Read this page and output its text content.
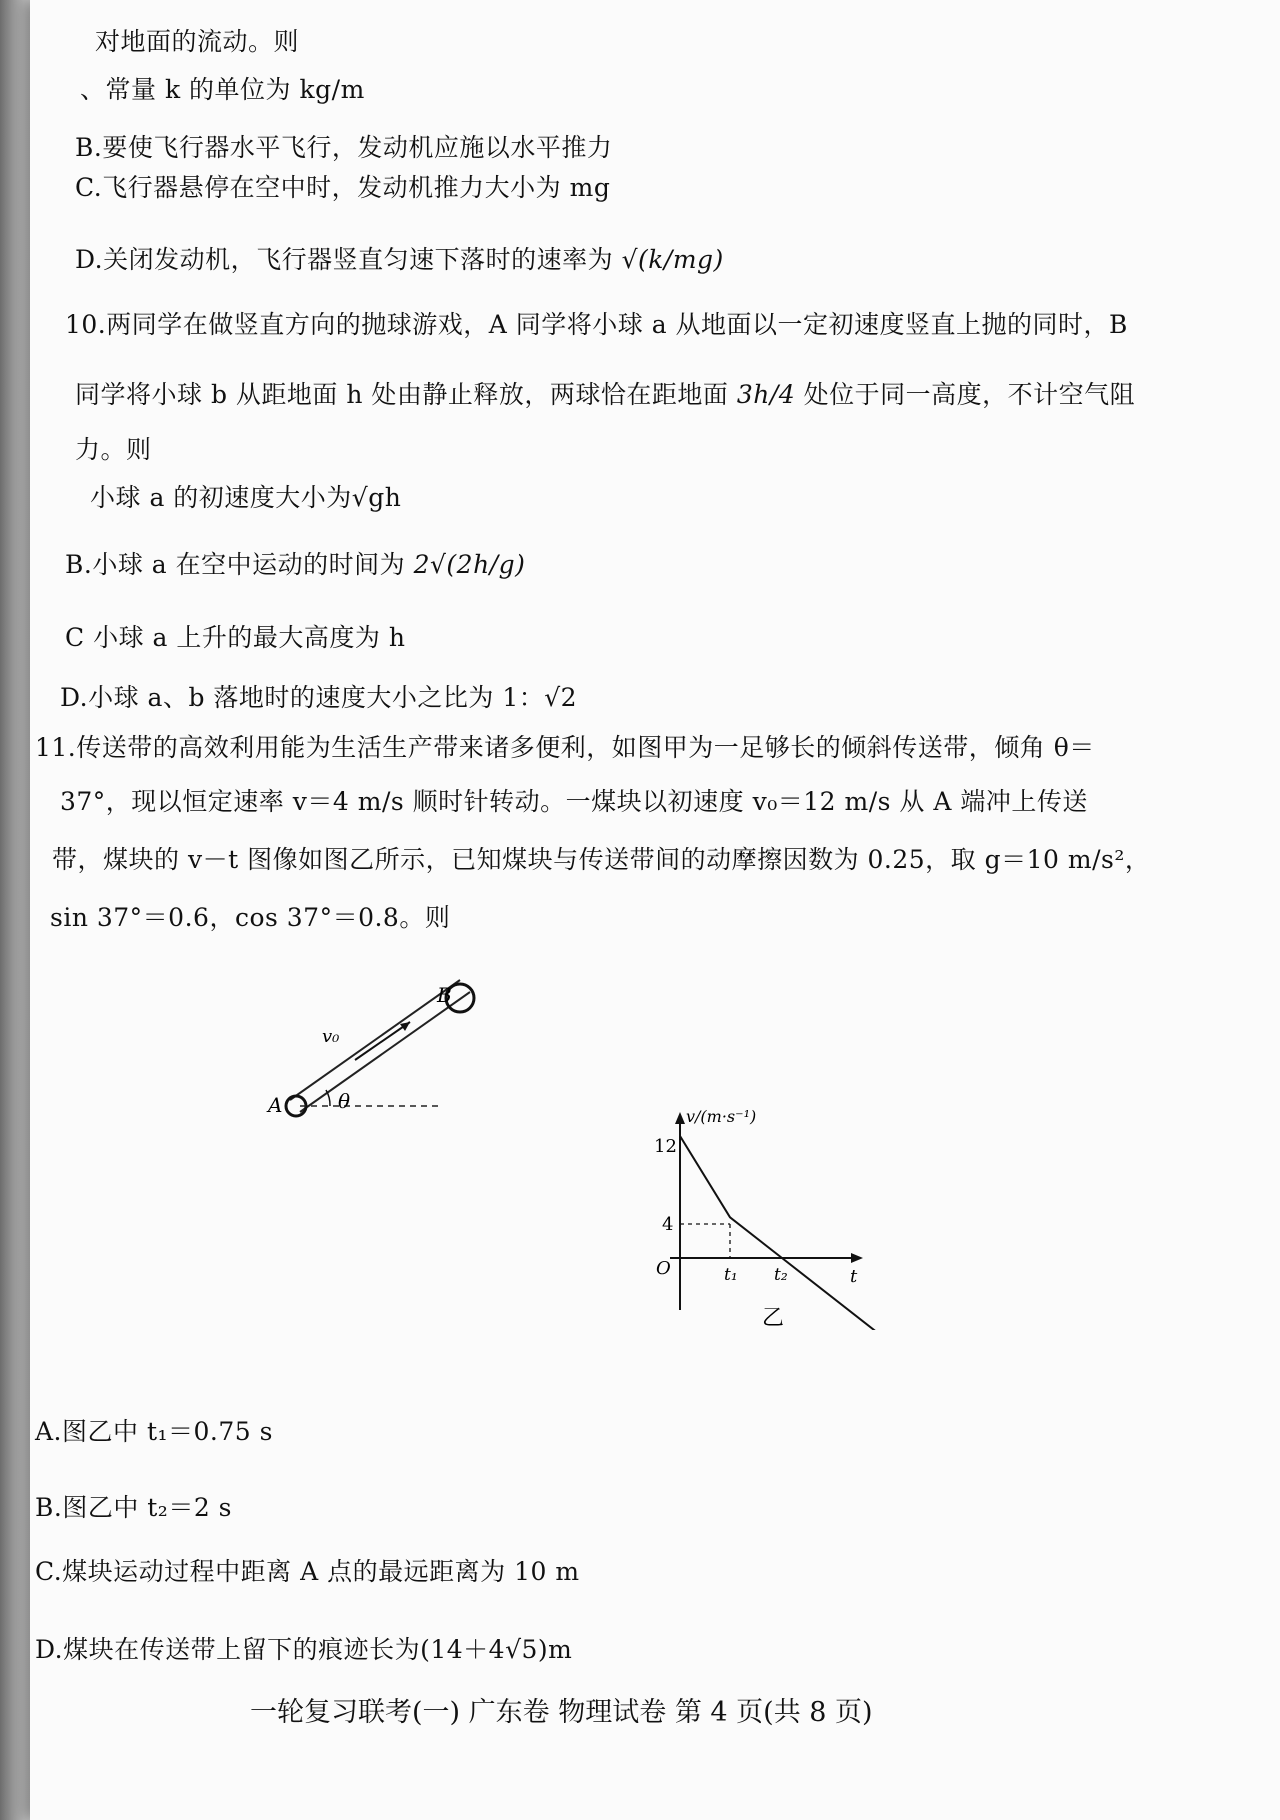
对地面的流动。则
、常量 k 的单位为 kg/m
B.要使飞行器水平飞行，发动机应施以水平推力
C.飞行器悬停在空中时，发动机推力大小为 mg
D.关闭发动机，飞行器竖直匀速下落时的速率为 √(k/mg)
10.两同学在做竖直方向的抛球游戏，A 同学将小球 a 从地面以一定初速度竖直上抛的同时，B
同学将小球 b 从距地面 h 处由静止释放，两球恰在距地面 3h/4 处位于同一高度，不计空气阻
力。则
小球 a 的初速度大小为√gh
B.小球 a 在空中运动的时间为 2√(2h/g)
C 小球 a 上升的最大高度为 h
D.小球 a、b 落地时的速度大小之比为 1：√2
11.传送带的高效利用能为生活生产带来诸多便利，如图甲为一足够长的倾斜传送带，倾角 θ＝
37°，现以恒定速率 v＝4 m/s 顺时针转动。一煤块以初速度 v₀＝12 m/s 从 A 端冲上传送
带，煤块的 v－t 图像如图乙所示，已知煤块与传送带间的动摩擦因数为 0.25，取 g＝10 m/s²，
sin 37°＝0.6，cos 37°＝0.8。则
B
v₀
A	θ
v/(m·s⁻¹)
t
O
12
4
t₁ t₂
乙
A.图乙中 t₁＝0.75 s
B.图乙中 t₂＝2 s
C.煤块运动过程中距离 A 点的最远距离为 10 m
D.煤块在传送带上留下的痕迹长为(14＋4√5)m
一轮复习联考(一) 广东卷 物理试卷 第 4 页(共 8 页)
